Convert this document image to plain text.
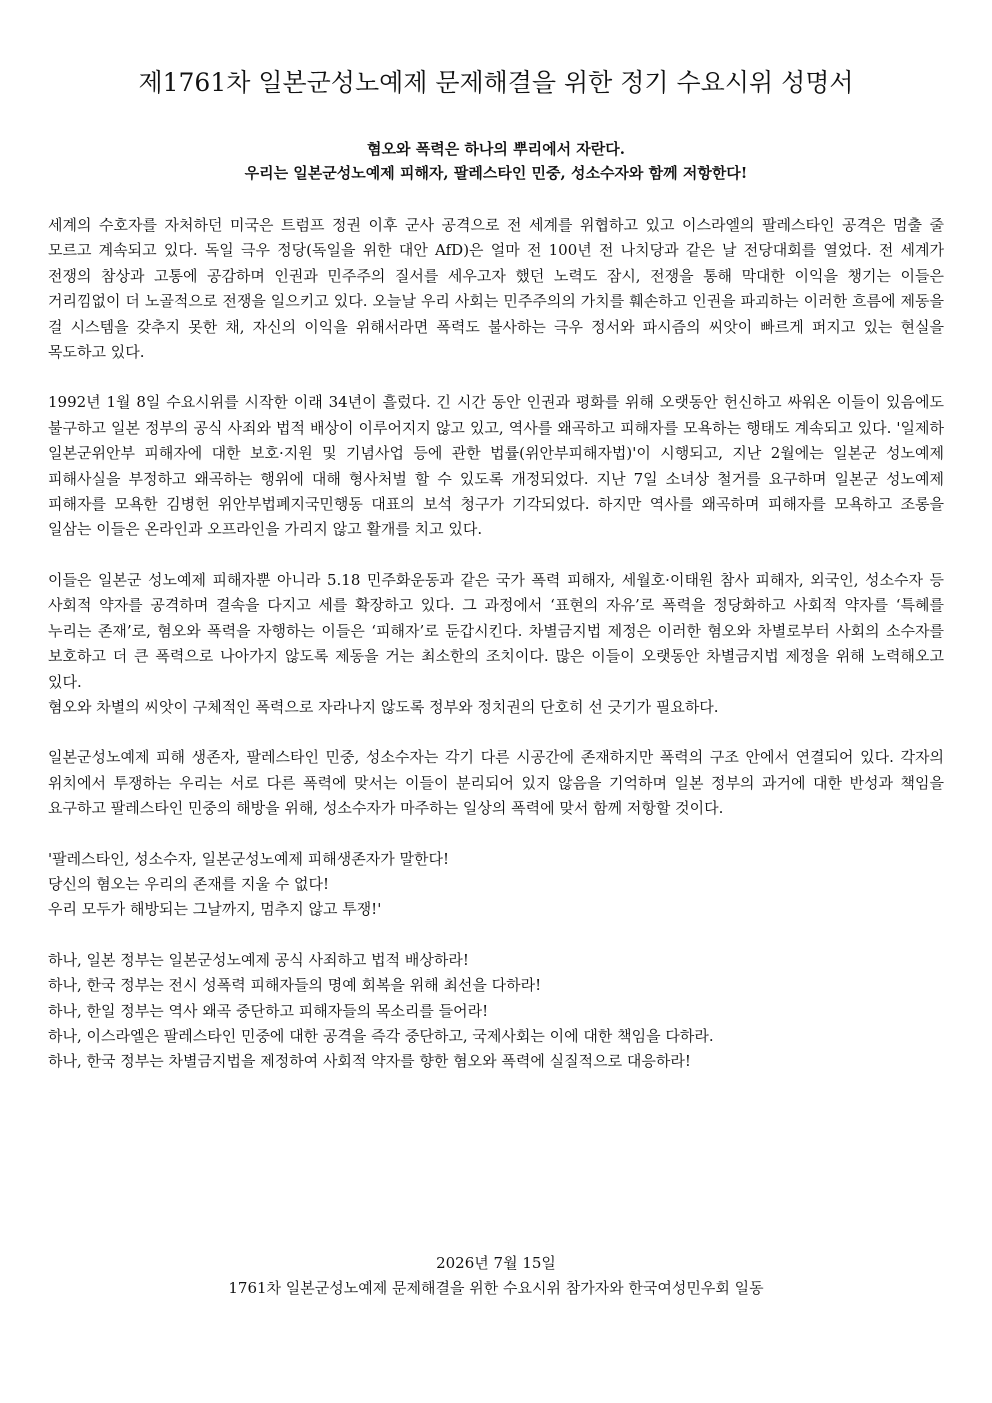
제1761차 일본군성노예제 문제해결을 위한 정기 수요시위 성명서
혐오와 폭력은 하나의 뿌리에서 자란다.
우리는 일본군성노예제 피해자, 팔레스타인 민중, 성소수자와 함께 저항한다!

세계의 수호자를 자처하던 미국은 트럼프 정권 이후 군사 공격으로 전 세계를 위협하고 있고 이스라엘의 팔레스타인 공격은 멈출 줄 모르고 계속되고 있다. 독일 극우 정당(독일을 위한 대안 AfD)은 얼마 전 100년 전 나치당과 같은 날 전당대회를 열었다. 전 세계가 전쟁의 참상과 고통에 공감하며 인권과 민주주의 질서를 세우고자 했던 노력도 잠시, 전쟁을 통해 막대한 이익을 챙기는 이들은 거리낌없이 더 노골적으로 전쟁을 일으키고 있다. 오늘날 우리 사회는 민주주의의 가치를 훼손하고 인권을 파괴하는 이러한 흐름에 제동을 걸 시스템을 갖추지 못한 채, 자신의 이익을 위해서라면 폭력도 불사하는 극우 정서와 파시즘의 씨앗이 빠르게 퍼지고 있는 현실을 목도하고 있다.

1992년 1월 8일 수요시위를 시작한 이래 34년이 흘렀다. 긴 시간 동안 인권과 평화를 위해 오랫동안 헌신하고 싸워온 이들이 있음에도 불구하고 일본 정부의 공식 사죄와 법적 배상이 이루어지지 않고 있고, 역사를 왜곡하고 피해자를 모욕하는 행태도 계속되고 있다. '일제하 일본군위안부 피해자에 대한 보호·지원 및 기념사업 등에 관한 법률(위안부피해자법)'이 시행되고, 지난 2월에는 일본군 성노예제 피해사실을 부정하고 왜곡하는 행위에 대해 형사처벌 할 수 있도록 개정되었다. 지난 7일 소녀상 철거를 요구하며 일본군 성노예제 피해자를 모욕한 김병헌 위안부법폐지국민행동 대표의 보석 청구가 기각되었다. 하지만 역사를 왜곡하며 피해자를 모욕하고 조롱을 일삼는 이들은 온라인과 오프라인을 가리지 않고 활개를 치고 있다.

이들은 일본군 성노예제 피해자뿐 아니라 5.18 민주화운동과 같은 국가 폭력 피해자, 세월호·이태원 참사 피해자, 외국인, 성소수자 등 사회적 약자를 공격하며 결속을 다지고 세를 확장하고 있다. 그 과정에서 ‘표현의 자유’로 폭력을 정당화하고 사회적 약자를 ‘특혜를 누리는 존재’로, 혐오와 폭력을 자행하는 이들은 ‘피해자’로 둔갑시킨다. 차별금지법 제정은 이러한 혐오와 차별로부터 사회의 소수자를 보호하고 더 큰 폭력으로 나아가지 않도록 제동을 거는 최소한의 조치이다. 많은 이들이 오랫동안 차별금지법 제정을 위해 노력해오고 있다.

혐오와 차별의 씨앗이 구체적인 폭력으로 자라나지 않도록 정부와 정치권의 단호히 선 긋기가 필요하다.

일본군성노예제 피해 생존자, 팔레스타인 민중, 성소수자는 각기 다른 시공간에 존재하지만 폭력의 구조 안에서 연결되어 있다. 각자의 위치에서 투쟁하는 우리는 서로 다른 폭력에 맞서는 이들이 분리되어 있지 않음을 기억하며 일본 정부의 과거에 대한 반성과 책임을 요구하고 팔레스타인 민중의 해방을 위해, 성소수자가 마주하는 일상의 폭력에 맞서 함께 저항할 것이다.

'팔레스타인, 성소수자, 일본군성노예제 피해생존자가 말한다!
당신의 혐오는 우리의 존재를 지울 수 없다!
우리 모두가 해방되는 그날까지, 멈추지 않고 투쟁!'
하나, 일본 정부는 일본군성노예제 공식 사죄하고 법적 배상하라!
하나, 한국 정부는 전시 성폭력 피해자들의 명예 회복을 위해 최선을 다하라!
하나, 한일 정부는 역사 왜곡 중단하고 피해자들의 목소리를 들어라!
하나, 이스라엘은 팔레스타인 민중에 대한 공격을 즉각 중단하고, 국제사회는 이에 대한 책임을 다하라.
하나, 한국 정부는 차별금지법을 제정하여 사회적 약자를 향한 혐오와 폭력에 실질적으로 대응하라!
2026년 7월 15일
1761차 일본군성노예제 문제해결을 위한 수요시위 참가자와 한국여성민우회 일동
